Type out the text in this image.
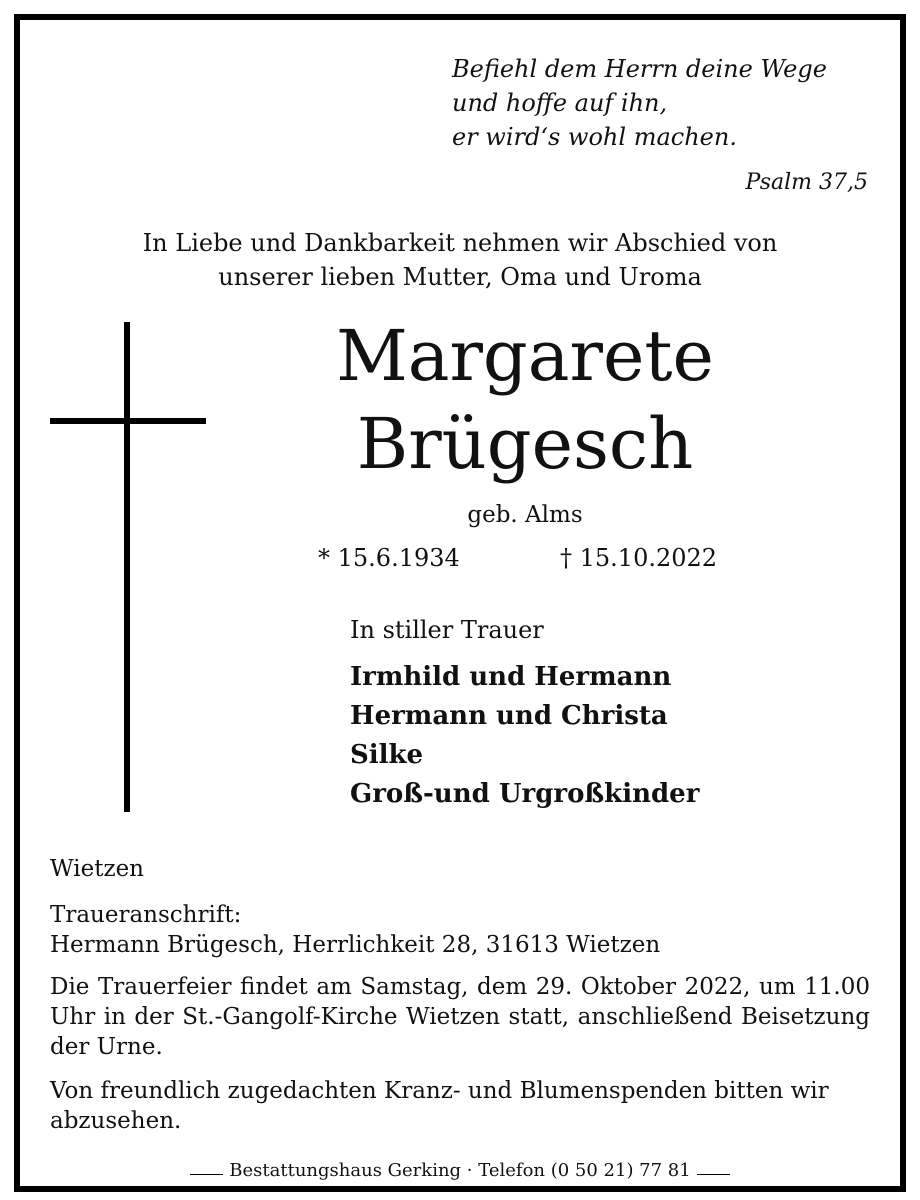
Befiehl dem Herrn deine Wege
und hoffe auf ihn,
er wird‘s wohl machen.
Psalm 37,5
In Liebe und Dankbarkeit nehmen wir Abschied von
unserer lieben Mutter, Oma und Uroma
Margarete
Brügesch
geb. Alms
* 15.6.1934	† 15.10.2022
In stiller Trauer
Irmhild und Hermann
Hermann und Christa
Silke
Groß-und Urgroßkinder
Wietzen
Traueranschrift:
Hermann Brügesch, Herrlichkeit 28, 31613 Wietzen
Die Trauerfeier findet am Samstag, dem 29. Oktober 2022, um 11.00 Uhr in der St.-Gangolf-Kirche Wietzen statt, anschließend Beisetzung der Urne.
Von freundlich zugedachten Kranz- und Blumenspenden bitten wir abzusehen.
Bestattungshaus Gerking · Telefon (0 50 21) 77 81
